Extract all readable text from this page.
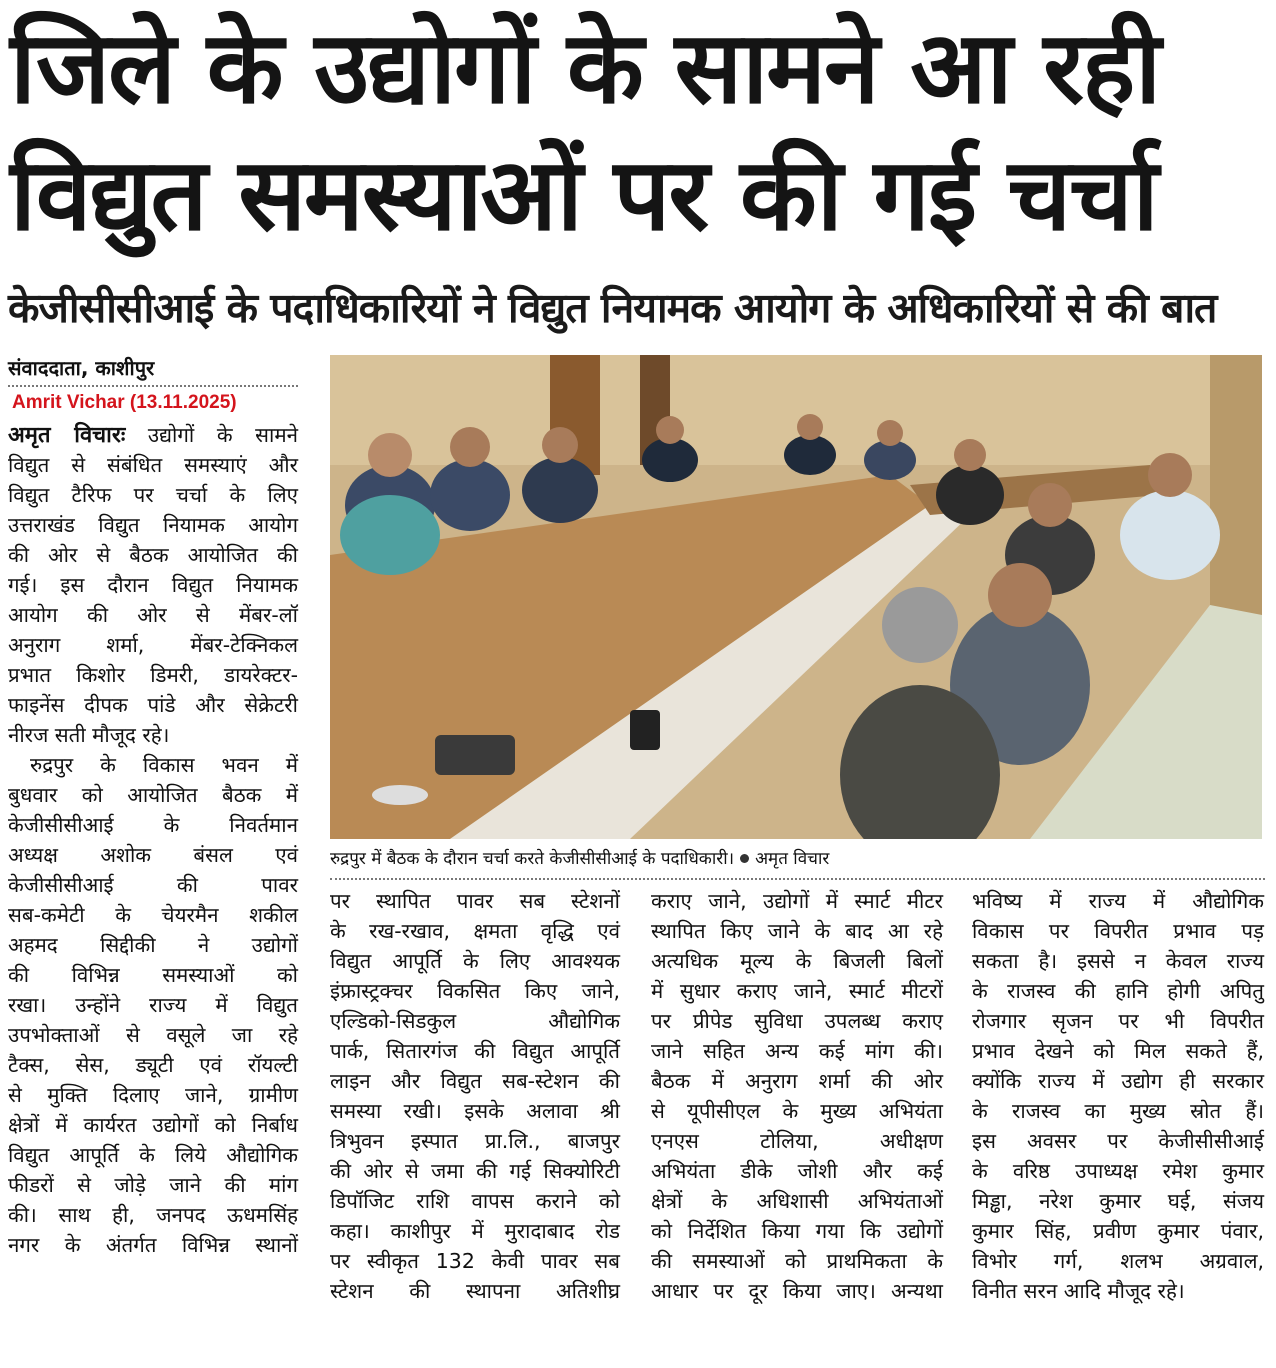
जिले के उद्योगों के सामने आ रही
विद्युत समस्याओं पर की गई चर्चा
केजीसीसीआई के पदाधिकारियों ने विद्युत नियामक आयोग के अधिकारियों से की बात
संवाददाता, काशीपुर
Amrit Vichar (13.11.2025)
अमृत विचारः उद्योगों के सामने
विद्युत से संबंधित समस्याएं और
विद्युत टैरिफ पर चर्चा के लिए
उत्तराखंड विद्युत नियामक आयोग
की ओर से बैठक आयोजित की
गई। इस दौरान विद्युत नियामक
आयोग की ओर से मेंबर-लॉ
अनुराग शर्मा, मेंबर-टेक्निकल
प्रभात किशोर डिमरी, डायरेक्टर-
फाइनेंस दीपक पांडे और सेक्रेटरी
नीरज सती मौजूद रहे।
रुद्रपुर के विकास भवन में
बुधवार को आयोजित बैठक में
केजीसीसीआई के निवर्तमान
अध्यक्ष अशोक बंसल एवं
केजीसीसीआई की पावर
सब-कमेटी के चेयरमैन शकील
अहमद सिद्दीकी ने उद्योगों
की विभिन्न समस्याओं को
रखा। उन्होंने राज्य में विद्युत
उपभोक्ताओं से वसूले जा रहे
टैक्स, सेस, ड्यूटी एवं रॉयल्टी
से मुक्ति दिलाए जाने, ग्रामीण
क्षेत्रों में कार्यरत उद्योगों को निर्बाध
विद्युत आपूर्ति के लिये औद्योगिक
फीडरों से जोड़े जाने की मांग
की। साथ ही, जनपद ऊधमसिंह
नगर के अंतर्गत विभिन्न स्थानों
रुद्रपुर में बैठक के दौरान चर्चा करते केजीसीसीआई के पदाधिकारी। अमृत विचार
पर स्थापित पावर सब स्टेशनों
के रख-रखाव, क्षमता वृद्धि एवं
विद्युत आपूर्ति के लिए आवश्यक
इंफ्रास्ट्रक्चर विकसित किए जाने,
एल्डिको-सिडकुल औद्योगिक
पार्क, सितारगंज की विद्युत आपूर्ति
लाइन और विद्युत सब-स्टेशन की
समस्या रखी। इसके अलावा श्री
त्रिभुवन इस्पात प्रा.लि., बाजपुर
की ओर से जमा की गई सिक्योरिटी
डिपॉजिट राशि वापस कराने को
कहा। काशीपुर में मुरादाबाद रोड
पर स्वीकृत 132 केवी पावर सब
स्टेशन की स्थापना अतिशीघ्र
कराए जाने, उद्योगों में स्मार्ट मीटर
स्थापित किए जाने के बाद आ रहे
अत्यधिक मूल्य के बिजली बिलों
में सुधार कराए जाने, स्मार्ट मीटरों
पर प्रीपेड सुविधा उपलब्ध कराए
जाने सहित अन्य कई मांग की।
बैठक में अनुराग शर्मा की ओर
से यूपीसीएल के मुख्य अभियंता
एनएस टोलिया, अधीक्षण
अभियंता डीके जोशी और कई
क्षेत्रों के अधिशासी अभियंताओं
को निर्देशित किया गया कि उद्योगों
की समस्याओं को प्राथमिकता के
आधार पर दूर किया जाए। अन्यथा
भविष्य में राज्य में औद्योगिक
विकास पर विपरीत प्रभाव पड़
सकता है। इससे न केवल राज्य
के राजस्व की हानि होगी अपितु
रोजगार सृजन पर भी विपरीत
प्रभाव देखने को मिल सकते हैं,
क्योंकि राज्य में उद्योग ही सरकार
के राजस्व का मुख्य स्रोत हैं।
इस अवसर पर केजीसीसीआई
के वरिष्ठ उपाध्यक्ष रमेश कुमार
मिड्ढा, नरेश कुमार घई, संजय
कुमार सिंह, प्रवीण कुमार पंवार,
विभोर गर्ग, शलभ अग्रवाल,
विनीत सरन आदि मौजूद रहे।
